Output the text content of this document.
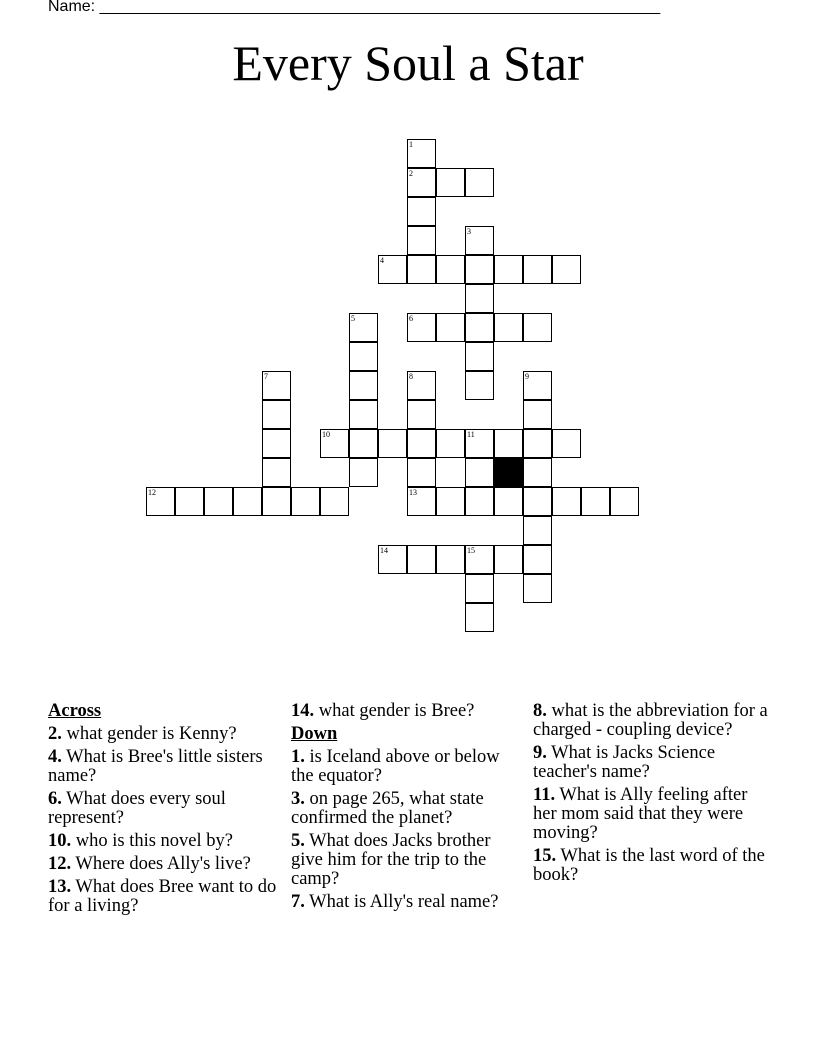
Name: _______________________________________________________________
Every Soul a Star
1
2
3
4
5	6
7	8	9
10	11
12	13
14	15
Across
2. what gender is Kenny?
4. What is Bree's little sisters name?
6. What does every soul represent?
10. who is this novel by?
12. Where does Ally's live?
13. What does Bree want to do for a living?
14. what gender is Bree?
Down
1. is Iceland above or below the equator?
3. on page 265, what state confirmed the planet?
5. What does Jacks brother give him for the trip to the camp?
7. What is Ally's real name?
8. what is the abbreviation for a charged - coupling device?
9. What is Jacks Science teacher's name?
11. What is Ally feeling after her mom said that they were moving?
15. What is the last word of the book?
